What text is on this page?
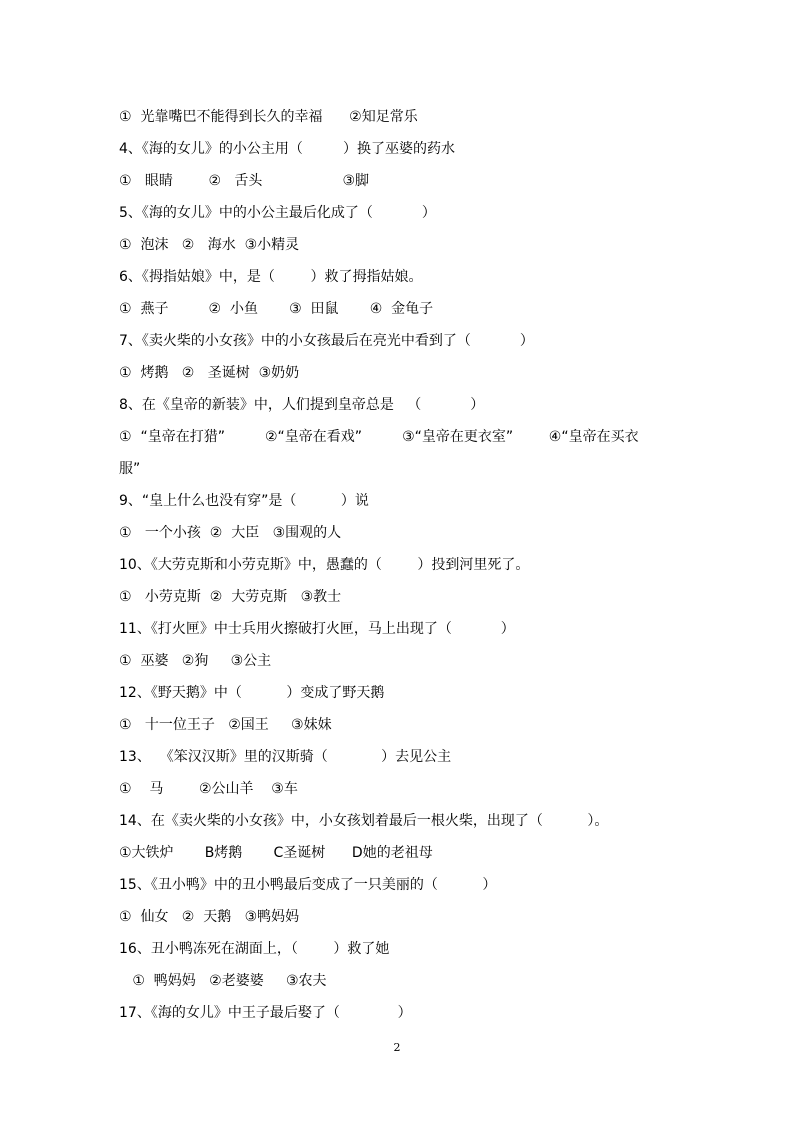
①  光靠嘴巴不能得到长久的幸福      ②知足常乐
4、《海的女儿》的小公主用（         ）换了巫婆的药水
①   眼睛        ②   舌头                  ③脚
5、《海的女儿》中的小公主最后化成了（           ）
①  泡沫   ②   海水  ③小精灵
6、《拇指姑娘》中，是（        ）救了拇指姑娘。
①  燕子         ②  小鱼       ③  田鼠       ④  金龟子
7、《卖火柴的小女孩》中的小女孩最后在亮光中看到了（           ）
①  烤鹅   ②   圣诞树  ③奶奶
8、在《皇帝的新装》中，人们提到皇帝总是   （           ）
①  “皇帝在打猎”         ②“皇帝在看戏”         ③“皇帝在更衣室”        ④“皇帝在买衣
服”
9、“皇上什么也没有穿”是（          ）说
①   一个小孩  ②  大臣   ③围观的人
10、《大劳克斯和小劳克斯》中，愚蠢的（        ）投到河里死了。
①   小劳克斯  ②  大劳克斯   ③教士
11、《打火匣》中士兵用火擦破打火匣，马上出现了（           ）
①  巫婆   ②狗     ③公主
12、《野天鹅》中（          ）变成了野天鹅
①   十一位王子   ②国王     ③妹妹
13、  《笨汉汉斯》里的汉斯骑（            ）去见公主
①    马        ②公山羊    ③车
14、在《卖火柴的小女孩》中，小女孩划着最后一根火柴，出现了（          ）。
①大铁炉       B烤鹅       C圣诞树      D她的老祖母
15、《丑小鸭》中的丑小鸭最后变成了一只美丽的（          ）
①  仙女   ②  天鹅   ③鸭妈妈
16、丑小鸭冻死在湖面上，（        ）救了她
①  鸭妈妈   ②老婆婆     ③农夫
17、《海的女儿》中王子最后娶了（             ）
2
